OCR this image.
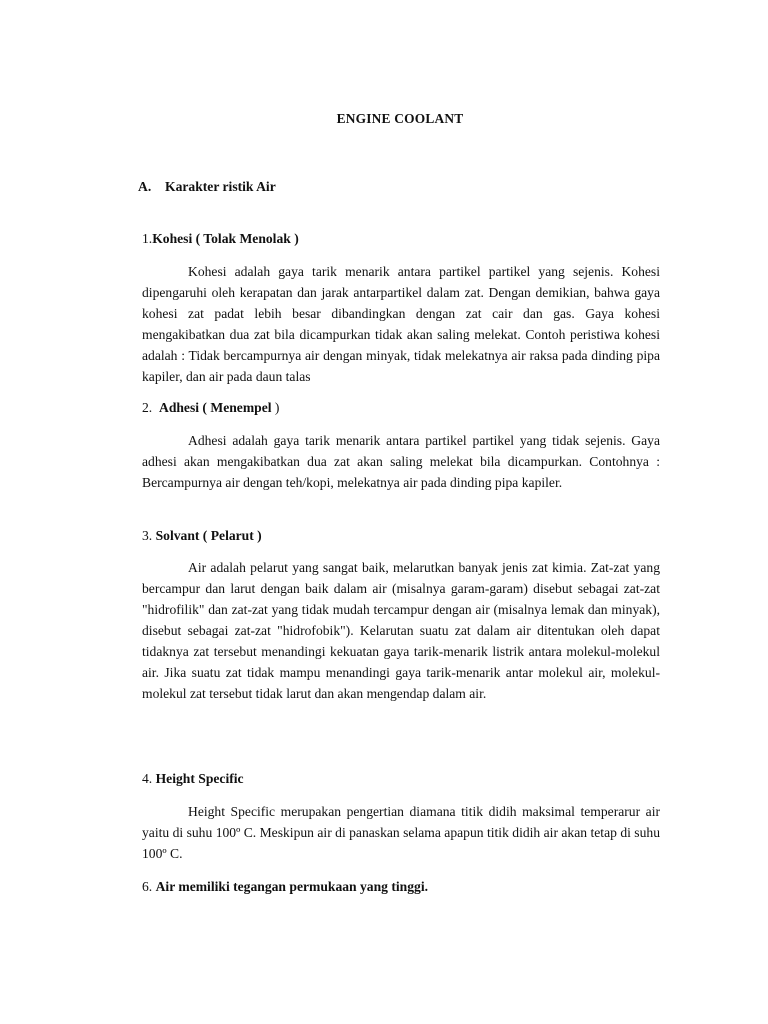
ENGINE COOLANT

A. Karakter ristik Air

1.Kohesi ( Tolak Menolak )

Kohesi adalah gaya tarik menarik antara partikel partikel yang sejenis. Kohesi dipengaruhi oleh kerapatan dan jarak antarpartikel dalam zat. Dengan demikian, bahwa gaya kohesi zat padat lebih besar dibandingkan dengan zat cair dan gas. Gaya kohesi mengakibatkan dua zat bila dicampurkan tidak akan saling melekat. Contoh peristiwa kohesi adalah : Tidak bercampurnya air dengan minyak, tidak melekatnya air raksa pada dinding pipa kapiler, dan air pada daun talas

2.  Adhesi ( Menempel )

Adhesi adalah gaya tarik menarik antara partikel partikel yang tidak sejenis. Gaya adhesi akan mengakibatkan dua zat akan saling melekat bila dicampurkan. Contohnya : Bercampurnya air dengan teh/kopi, melekatnya air pada dinding pipa kapiler.

3. Solvant ( Pelarut )

Air adalah pelarut yang sangat baik, melarutkan banyak jenis zat kimia. Zat-zat yang bercampur dan larut dengan baik dalam air (misalnya garam-garam) disebut sebagai zat-zat "hidrofilik" dan zat-zat yang tidak mudah tercampur dengan air (misalnya lemak dan minyak), disebut sebagai zat-zat "hidrofobik"). Kelarutan suatu zat dalam air ditentukan oleh dapat tidaknya zat tersebut menandingi kekuatan gaya tarik-menarik listrik antara molekul-molekul air. Jika suatu zat tidak mampu menandingi gaya tarik-menarik antar molekul air, molekul-molekul zat tersebut tidak larut dan akan mengendap dalam air.

4. Height Specific

Height Specific merupakan pengertian diamana titik didih maksimal temperarur air yaitu di suhu 100º C. Meskipun air di panaskan selama apapun titik didih air akan tetap di suhu 100º C.

6. Air memiliki tegangan permukaan yang tinggi.
